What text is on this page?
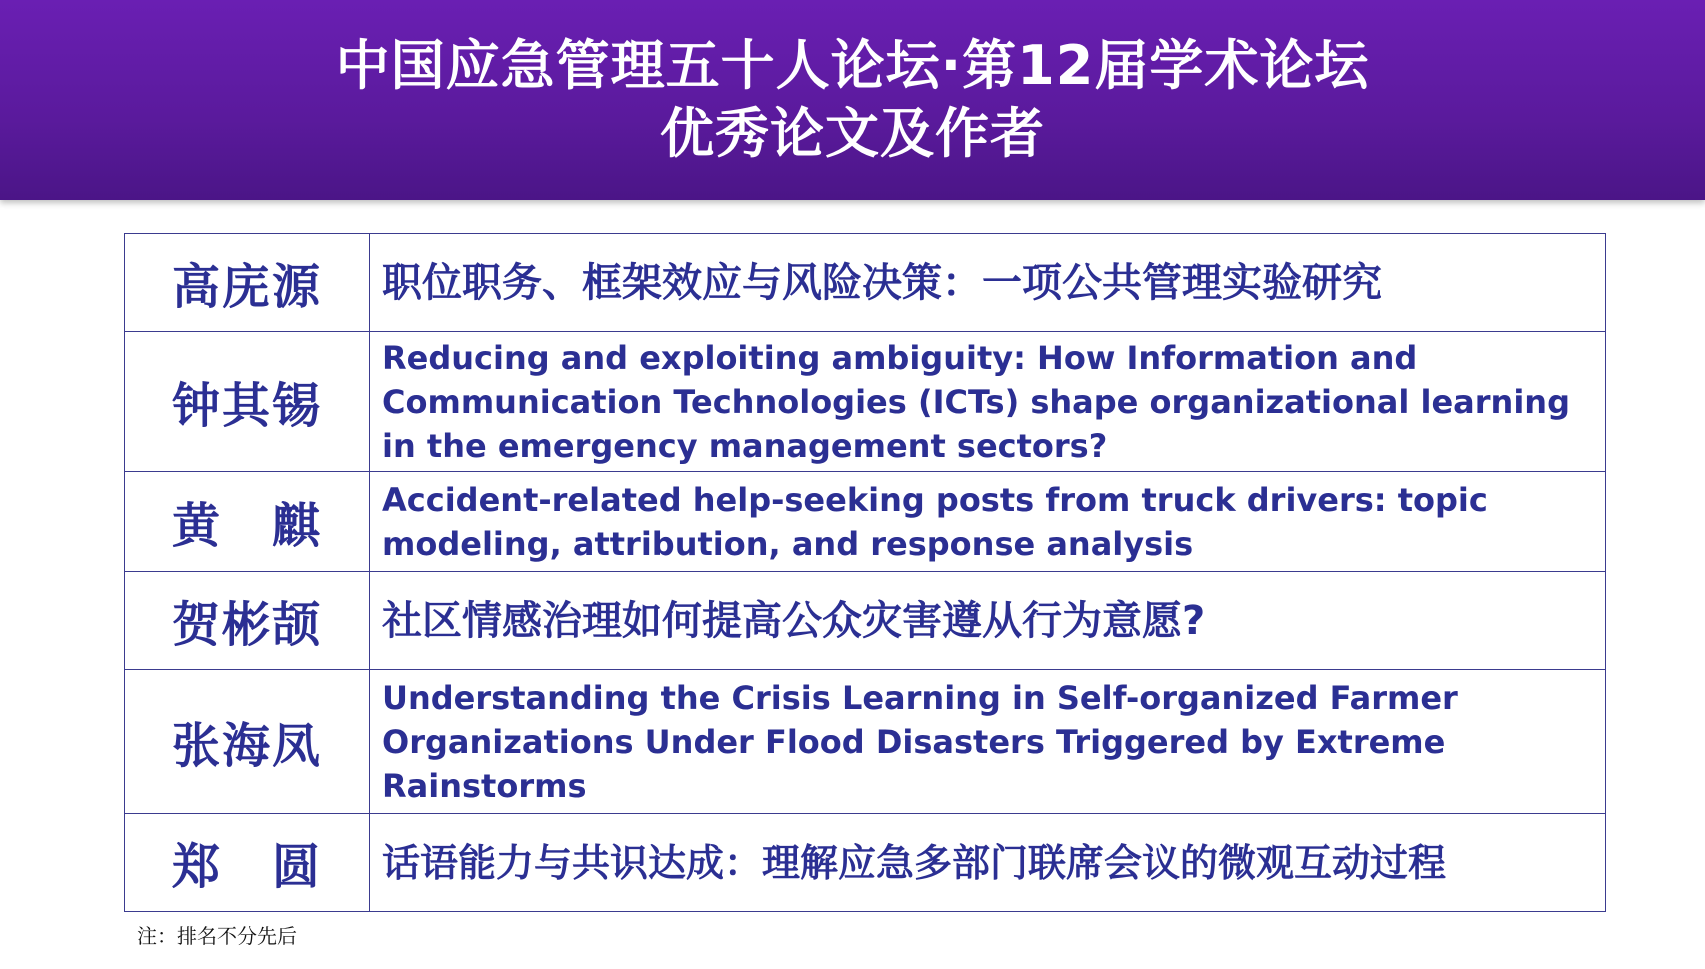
中国应急管理五十人论坛·第12届学术论坛
优秀论文及作者
高庑源	职位职务、框架效应与风险决策：一项公共管理实验研究

钟其锡	Reducing and exploiting ambiguity: How Information and Communication Technologies (ICTs) shape organizational learning in the emergency management sectors?

黄　麒	Accident-related help-seeking posts from truck drivers: topic modeling, attribution, and response analysis

贺彬颉	社区情感治理如何提高公众灾害遵从行为意愿?

张海凤	Understanding the Crisis Learning in Self-organized Farmer Organizations Under Flood Disasters Triggered by Extreme Rainstorms

郑　圆	话语能力与共识达成：理解应急多部门联席会议的微观互动过程
注：排名不分先后
